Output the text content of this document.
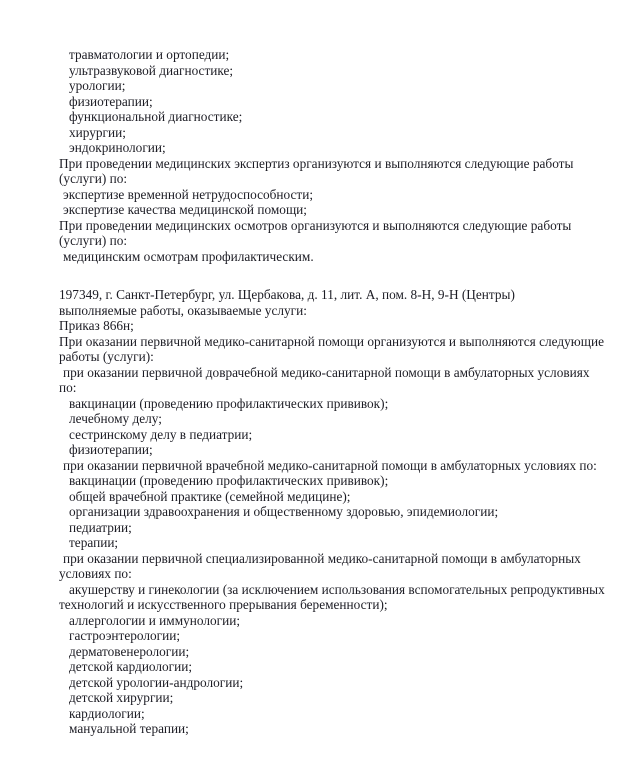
травматологии и ортопедии;
ультразвуковой диагностике;
урологии;
физиотерапии;
функциональной диагностике;
хирургии;
эндокринологии;
При проведении медицинских экспертиз организуются и выполняются следующие работы
(услуги) по:
экспертизе временной нетрудоспособности;
экспертизе качества медицинской помощи;
При проведении медицинских осмотров организуются и выполняются следующие работы
(услуги) по:
медицинским осмотрам профилактическим.
197349, г. Санкт-Петербург, ул. Щербакова, д. 11, лит. А, пом. 8-Н, 9-Н (Центры)
выполняемые работы, оказываемые услуги:
Приказ 866н;
При оказании первичной медико-санитарной помощи организуются и выполняются следующие
работы (услуги):
при оказании первичной доврачебной медико-санитарной помощи в амбулаторных условиях
по:
вакцинации (проведению профилактических прививок);
лечебному делу;
сестринскому делу в педиатрии;
физиотерапии;
при оказании первичной врачебной медико-санитарной помощи в амбулаторных условиях по:
вакцинации (проведению профилактических прививок);
общей врачебной практике (семейной медицине);
организации здравоохранения и общественному здоровью, эпидемиологии;
педиатрии;
терапии;
при оказании первичной специализированной медико-санитарной помощи в амбулаторных
условиях по:
акушерству и гинекологии (за исключением использования вспомогательных репродуктивных
технологий и искусственного прерывания беременности);
аллергологии и иммунологии;
гастроэнтерологии;
дерматовенерологии;
детской кардиологии;
детской урологии-андрологии;
детской хирургии;
кардиологии;
мануальной терапии;
